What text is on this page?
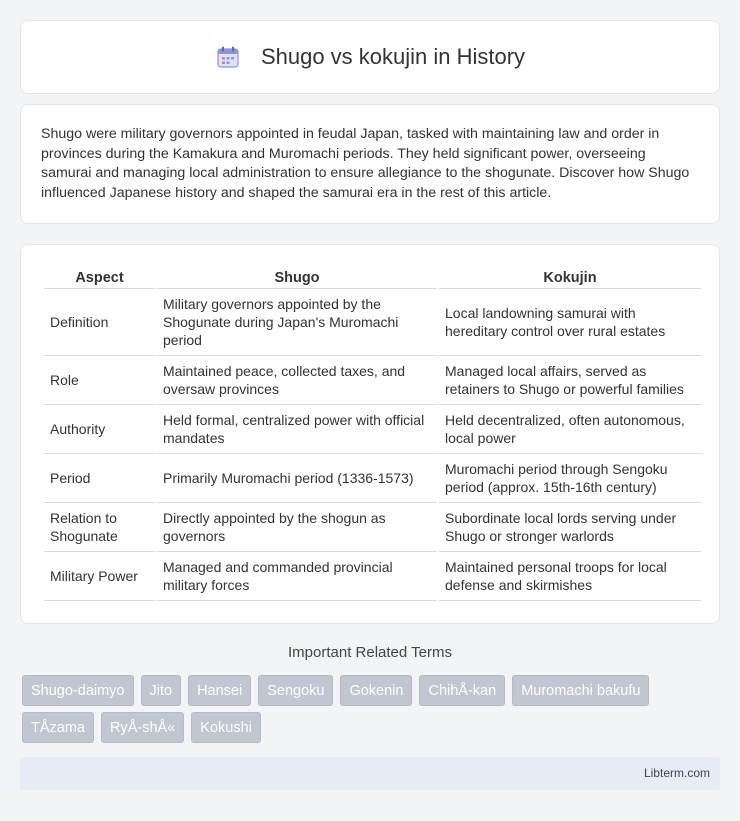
Shugo vs kokujin in History

Shugo were military governors appointed in feudal Japan, tasked with maintaining law and order in provinces during the Kamakura and Muromachi periods. They held significant power, overseeing samurai and managing local administration to ensure allegiance to the shogunate. Discover how Shugo influenced Japanese history and shaped the samurai era in the rest of this article.

Aspect	Shugo	Kokujin
Definition	Military governors appointed by the Shogunate during Japan's Muromachi period	Local landowning samurai with hereditary control over rural estates
Role	Maintained peace, collected taxes, and oversaw provinces	Managed local affairs, served as retainers to Shugo or powerful families
Authority	Held formal, centralized power with official mandates	Held decentralized, often autonomous, local power
Period	Primarily Muromachi period (1336-1573)	Muromachi period through Sengoku period (approx. 15th-16th century)
Relation to Shogunate	Directly appointed by the shogun as governors	Subordinate local lords serving under Shugo or stronger warlords
Military Power	Managed and commanded provincial military forces	Maintained personal troops for local defense and skirmishes
Important Related Terms
Shugo-daimyo	Jito	Hansei	Sengoku	Gokenin	ChihÅ-kan	Muromachi bakufu
TÅzama	RyÅ-shÅ«	Kokushi
Libterm.com
